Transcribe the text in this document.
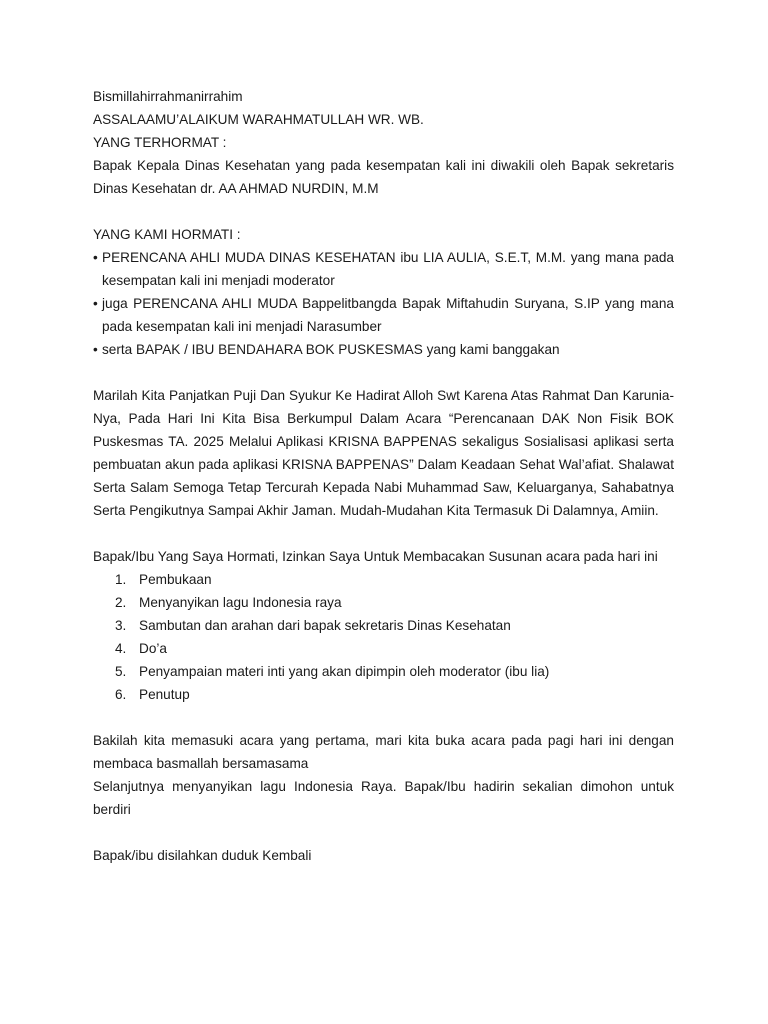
Bismillahirrahmanirrahim

ASSALAAMU’ALAIKUM WARAHMATULLAH WR. WB.

YANG TERHORMAT :

Bapak Kepala Dinas Kesehatan yang pada kesempatan kali ini diwakili oleh Bapak sekretaris Dinas Kesehatan dr. AA AHMAD NURDIN, M.M

YANG KAMI HORMATI :

• PERENCANA AHLI MUDA DINAS KESEHATAN ibu LIA AULIA, S.E.T, M.M. yang mana pada kesempatan kali ini menjadi moderator

• juga PERENCANA AHLI MUDA Bappelitbangda Bapak Miftahudin Suryana, S.IP yang mana pada kesempatan kali ini menjadi Narasumber

• serta BAPAK / IBU BENDAHARA BOK PUSKESMAS yang kami banggakan

Marilah Kita Panjatkan Puji Dan Syukur Ke Hadirat Alloh Swt Karena Atas Rahmat Dan Karunia-Nya, Pada Hari Ini Kita Bisa Berkumpul Dalam Acara “Perencanaan DAK Non Fisik BOK Puskesmas TA. 2025 Melalui Aplikasi KRISNA BAPPENAS sekaligus Sosialisasi aplikasi serta pembuatan akun pada aplikasi KRISNA BAPPENAS” Dalam Keadaan Sehat Wal’afiat. Shalawat Serta Salam Semoga Tetap Tercurah Kepada Nabi Muhammad Saw, Keluarganya, Sahabatnya Serta Pengikutnya Sampai Akhir Jaman. Mudah-Mudahan Kita Termasuk Di Dalamnya, Amiin.

Bapak/Ibu Yang Saya Hormati, Izinkan Saya Untuk Membacakan Susunan acara pada hari ini

1. Pembukaan
2. Menyanyikan lagu Indonesia raya
3. Sambutan dan arahan dari bapak sekretaris Dinas Kesehatan
4. Do’a
5. Penyampaian materi inti yang akan dipimpin oleh moderator (ibu lia)
6. Penutup

Bakilah kita memasuki acara yang pertama, mari kita buka acara pada pagi hari ini dengan membaca basmallah bersamasama

Selanjutnya menyanyikan lagu Indonesia Raya. Bapak/Ibu hadirin sekalian dimohon untuk berdiri

Bapak/ibu disilahkan duduk Kembali
